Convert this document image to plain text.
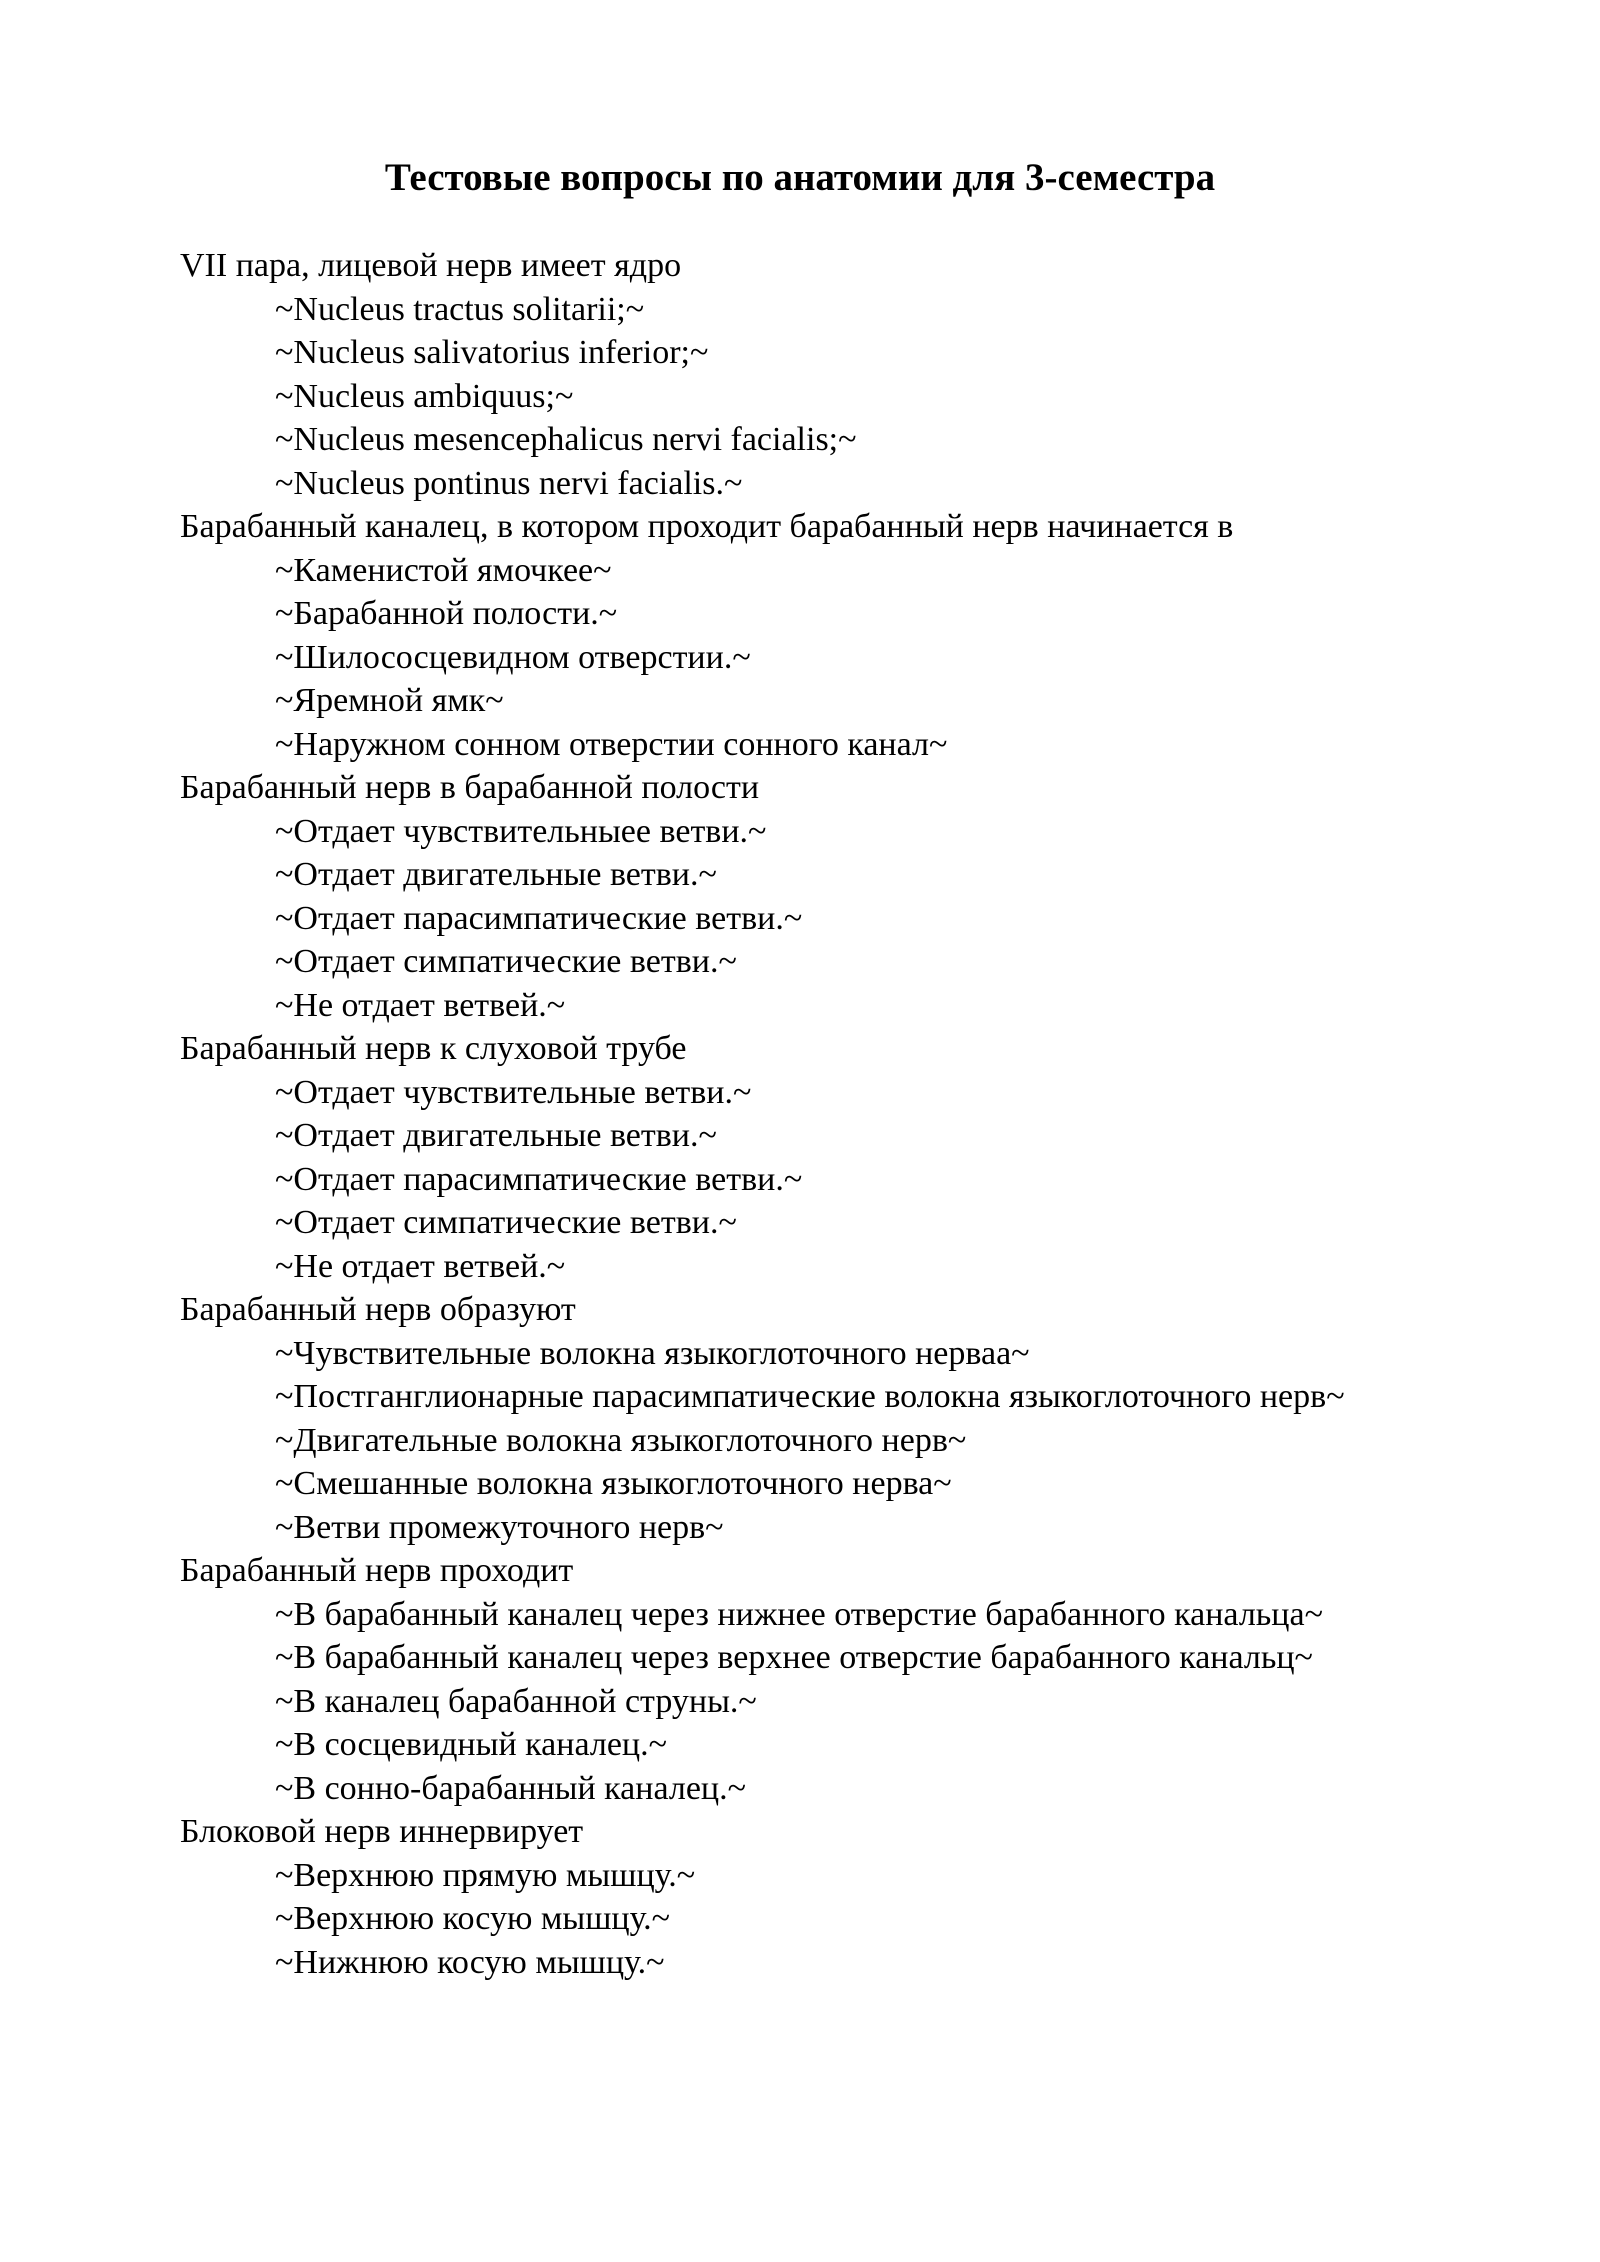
Тестовые вопросы по анатомии для 3-семестра

VII пара, лицевой нерв имеет ядро

~Nucleus tractus solitarii;~

~Nucleus salivatorius inferior;~

~Nucleus ambiquus;~

~Nucleus mesencephalicus nervi facialis;~

~Nucleus pontinus nervi facialis.~

Барабанный каналец, в котором проходит барабанный нерв начинается в

~Каменистой ямочкее~

~Барабанной полости.~

~Шилососцевидном отверстии.~

~Яремной ямк~

~Наружном сонном отверстии сонного канал~

Барабанный нерв в барабанной полости

~Отдает чувствительныее ветви.~

~Отдает двигательные ветви.~

~Отдает парасимпатические ветви.~

~Отдает симпатические ветви.~

~Не отдает ветвей.~

Барабанный нерв к слуховой трубе

~Отдает чувствительные ветви.~

~Отдает двигательные ветви.~

~Отдает парасимпатические ветви.~

~Отдает симпатические ветви.~

~Не отдает ветвей.~

Барабанный нерв образуют

~Чувствительные волокна языкоглоточного нерваа~

~Постганглионарные парасимпатические волокна языкоглоточного нерв~

~Двигательные волокна языкоглоточного нерв~

~Смешанные волокна языкоглоточного нерва~

~Ветви промежуточного нерв~

Барабанный нерв проходит

~В барабанный каналец через нижнее отверстие барабанного канальца~

~В барабанный каналец через верхнее отверстие барабанного канальц~

~В каналец барабанной струны.~

~В сосцевидный каналец.~

~В сонно-барабанный каналец.~

Блоковой нерв иннервирует

~Верхнюю прямую мышцу.~

~Верхнюю косую мышцу.~

~Нижнюю косую мышцу.~
